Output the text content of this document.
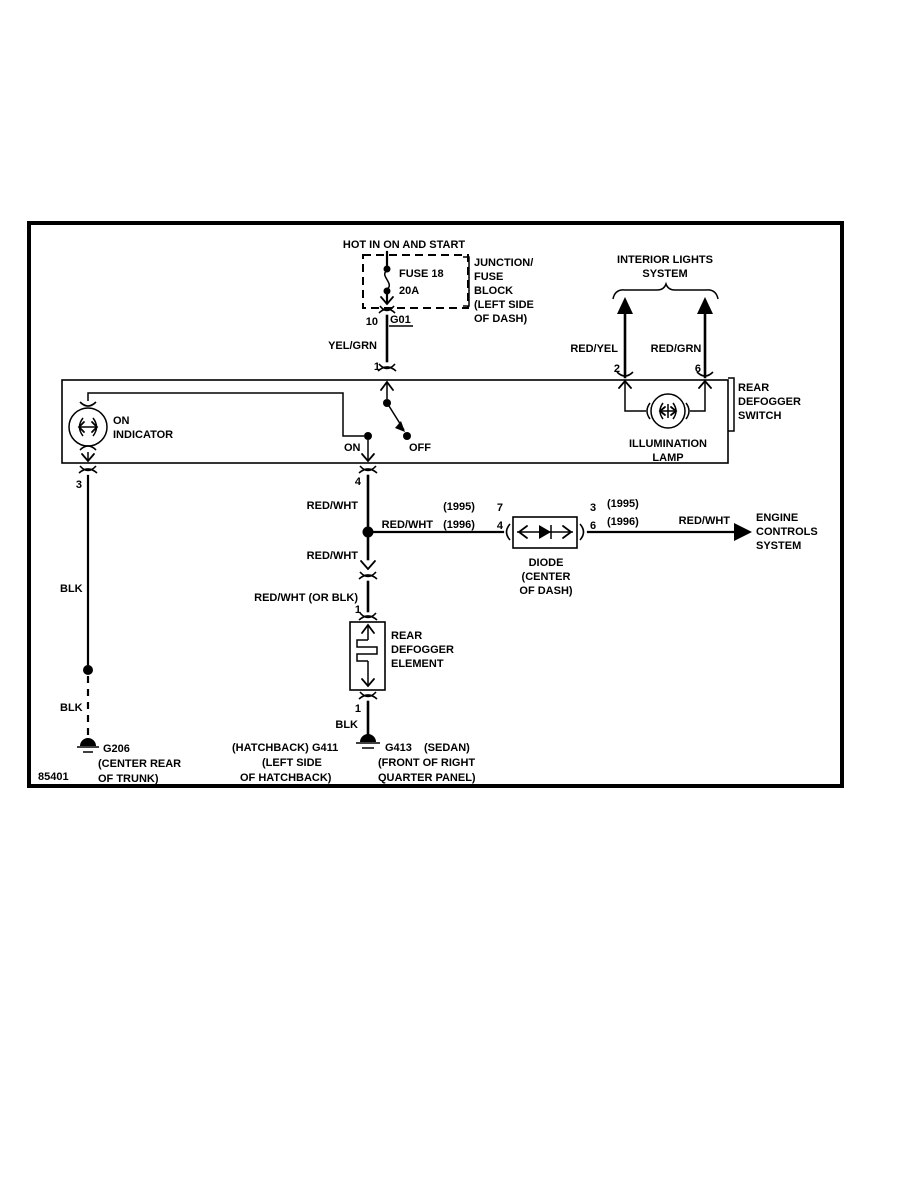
HOT IN ON AND START
FUSE 18
20A
JUNCTION/
FUSE
BLOCK
(LEFT SIDE
OF DASH)
10 G01
YEL/GRN
1
INTERIOR LIGHTS
SYSTEM
RED/YEL	RED/GRN
2	6
REAR
DEFOGGER
SWITCH
ON	OFF
ON
INDICATOR
ILLUMINATION
LAMP
3	4
BLK
BLK
G206
(CENTER REAR
OF TRUNK)
85401
RED/WHT
RED/WHT
RED/WHT (OR BLK)
1
REAR
DEFOGGER
ELEMENT
1
BLK
(HATCHBACK) G411	G413 (SEDAN)
(LEFT SIDE
OF HATCHBACK)
(FRONT OF RIGHT
QUARTER PANEL)
RED/WHT
(1995)
(1996)
7
4
3
6
(1995)
(1996)
DIODE
(CENTER
OF DASH)
RED/WHT ENGINE
CONTROLS
SYSTEM
